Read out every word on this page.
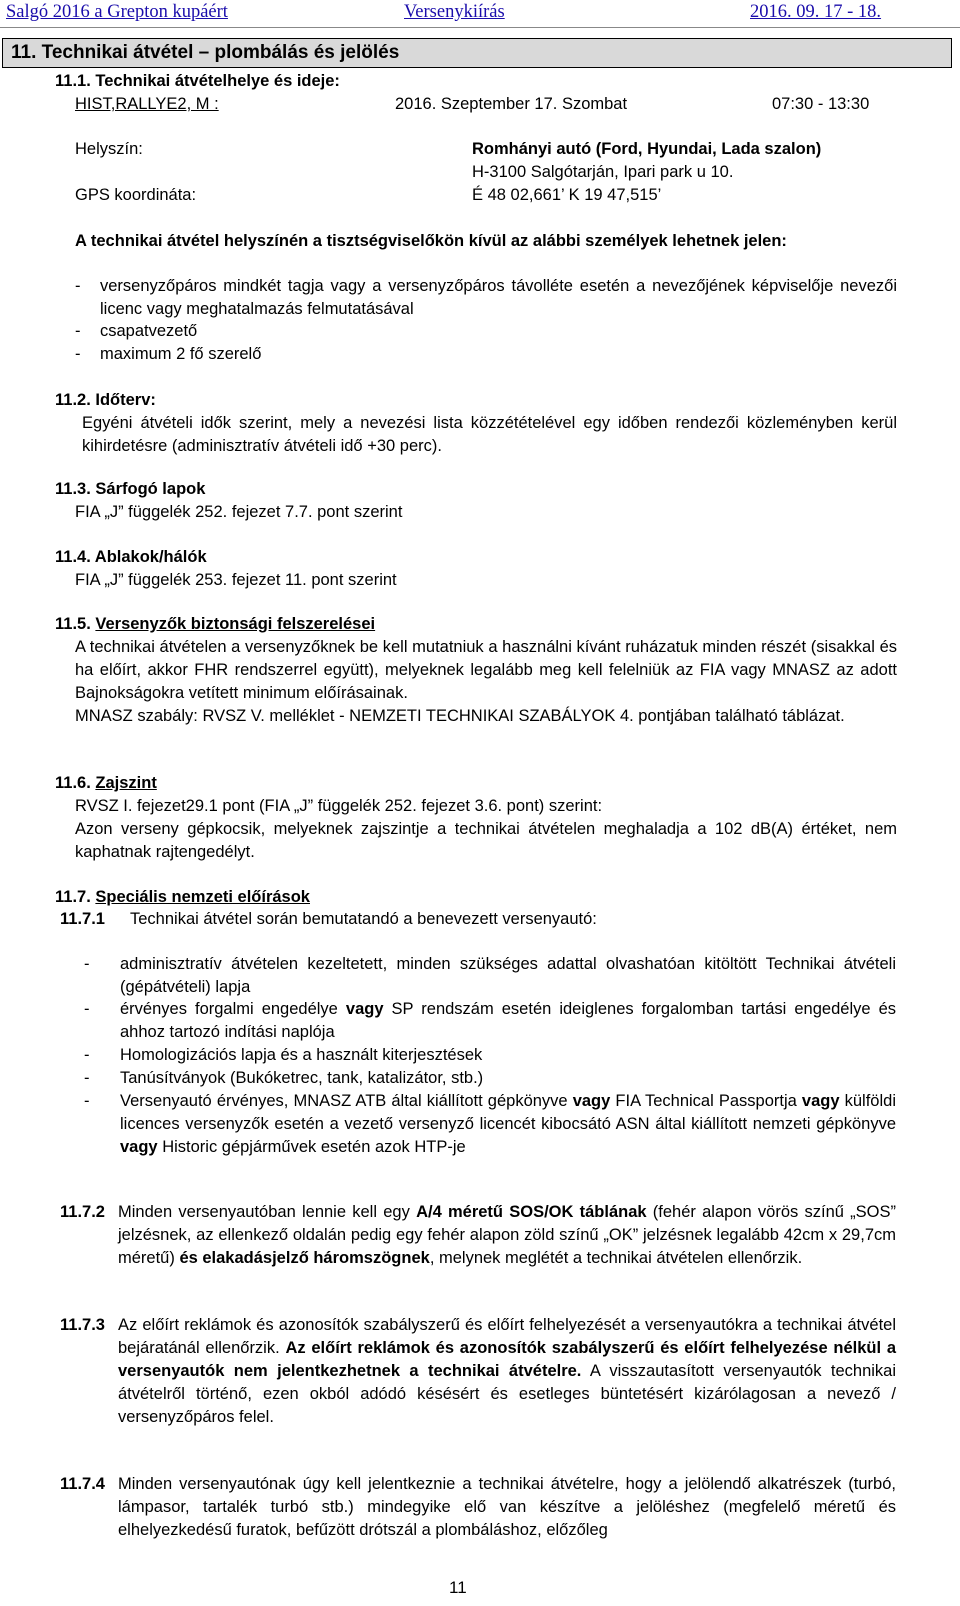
Salgó 2016 a Grepton kupáért	Versenykiírás	2016. 09. 17 - 18.
11. Technikai átvétel – plombálás és jelölés
11.1. Technikai átvételhelye és ideje:
HIST,RALLYE2, M :	2016. Szeptember 17. Szombat	07:30 - 13:30
Helyszín:	Romhányi autó (Ford, Hyundai, Lada szalon)
H-3100 Salgótarján, Ipari park u 10.
GPS koordináta:	É 48 02,661’ K 19 47,515’
A technikai átvétel helyszínén a tisztségviselőkön kívül az alábbi személyek lehetnek jelen:
- versenyzőpáros mindkét tagja vagy a versenyzőpáros távolléte esetén a nevezőjének képviselője nevezői licenc vagy meghatalmazás felmutatásával
- csapatvezető
- maximum 2 fő szerelő
11.2. Időterv:
Egyéni átvételi idők szerint, mely a nevezési lista közzétételével egy időben rendezői közleményben kerül kihirdetésre (adminisztratív átvételi idő +30 perc).
11.3. Sárfogó lapok
FIA „J” függelék 252. fejezet 7.7. pont szerint
11.4. Ablakok/hálók
FIA „J” függelék 253. fejezet 11. pont szerint
11.5. Versenyzők biztonsági felszerelései

A technikai átvételen a versenyzőknek be kell mutatniuk a használni kívánt ruházatuk minden részét (sisakkal és ha előírt, akkor FHR rendszerrel együtt), melyeknek legalább meg kell felelniük az FIA vagy MNASZ az adott Bajnokságokra vetített minimum előírásainak.

MNASZ szabály: RVSZ V. melléklet - NEMZETI TECHNIKAI SZABÁLYOK 4. pontjában található táblázat.

11.6. Zajszint
RVSZ I. fejezet29.1 pont (FIA „J” függelék 252. fejezet 3.6. pont) szerint:
Azon verseny gépkocsik, melyeknek zajszintje a technikai átvételen meghaladja a 102 dB(A) értéket, nem kaphatnak rajtengedélyt.
11.7. Speciális nemzeti előírások
11.7.1 Technikai átvétel során bemutatandó a benevezett versenyautó:
- adminisztratív átvételen kezeltetett, minden szükséges adattal olvashatóan kitöltött Technikai átvételi (gépátvételi) lapja
- érvényes forgalmi engedélye vagy SP rendszám esetén ideiglenes forgalomban tartási engedélye és ahhoz tartozó indítási naplója
- Homologizációs lapja és a használt kiterjesztések
- Tanúsítványok (Bukóketrec, tank, katalizátor, stb.)
- Versenyautó érvényes, MNASZ ATB által kiállított gépkönyve vagy FIA Technical Passportja vagy külföldi licences versenyzők esetén a vezető versenyző licencét kibocsátó ASN által kiállított nemzeti gépkönyve vagy Historic gépjárművek esetén azok HTP-je
11.7.2 Minden versenyautóban lennie kell egy A/4 méretű SOS/OK táblának (fehér alapon vörös színű „SOS” jelzésnek, az ellenkező oldalán pedig egy fehér alapon zöld színű „OK” jelzésnek legalább 42cm x 29,7cm méretű) és elakadásjelző háromszögnek, melynek meglétét a technikai átvételen ellenőrzik.
11.7.3 Az előírt reklámok és azonosítók szabályszerű és előírt felhelyezését a versenyautókra a technikai átvétel bejáratánál ellenőrzik. Az előírt reklámok és azonosítók szabályszerű és előírt felhelyezése nélkül a versenyautók nem jelentkezhetnek a technikai átvételre. A visszautasított versenyautók technikai átvételről történő, ezen okból adódó késésért és esetleges büntetésért kizárólagosan a nevező / versenyzőpáros felel.
11.7.4 Minden versenyautónak úgy kell jelentkeznie a technikai átvételre, hogy a jelölendő alkatrészek (turbó, lámpasor, tartalék turbó stb.) mindegyike elő van készítve a jelöléshez (megfelelő méretű és elhelyezkedésű furatok, befűzött drótszál a plombáláshoz, előzőleg
11
